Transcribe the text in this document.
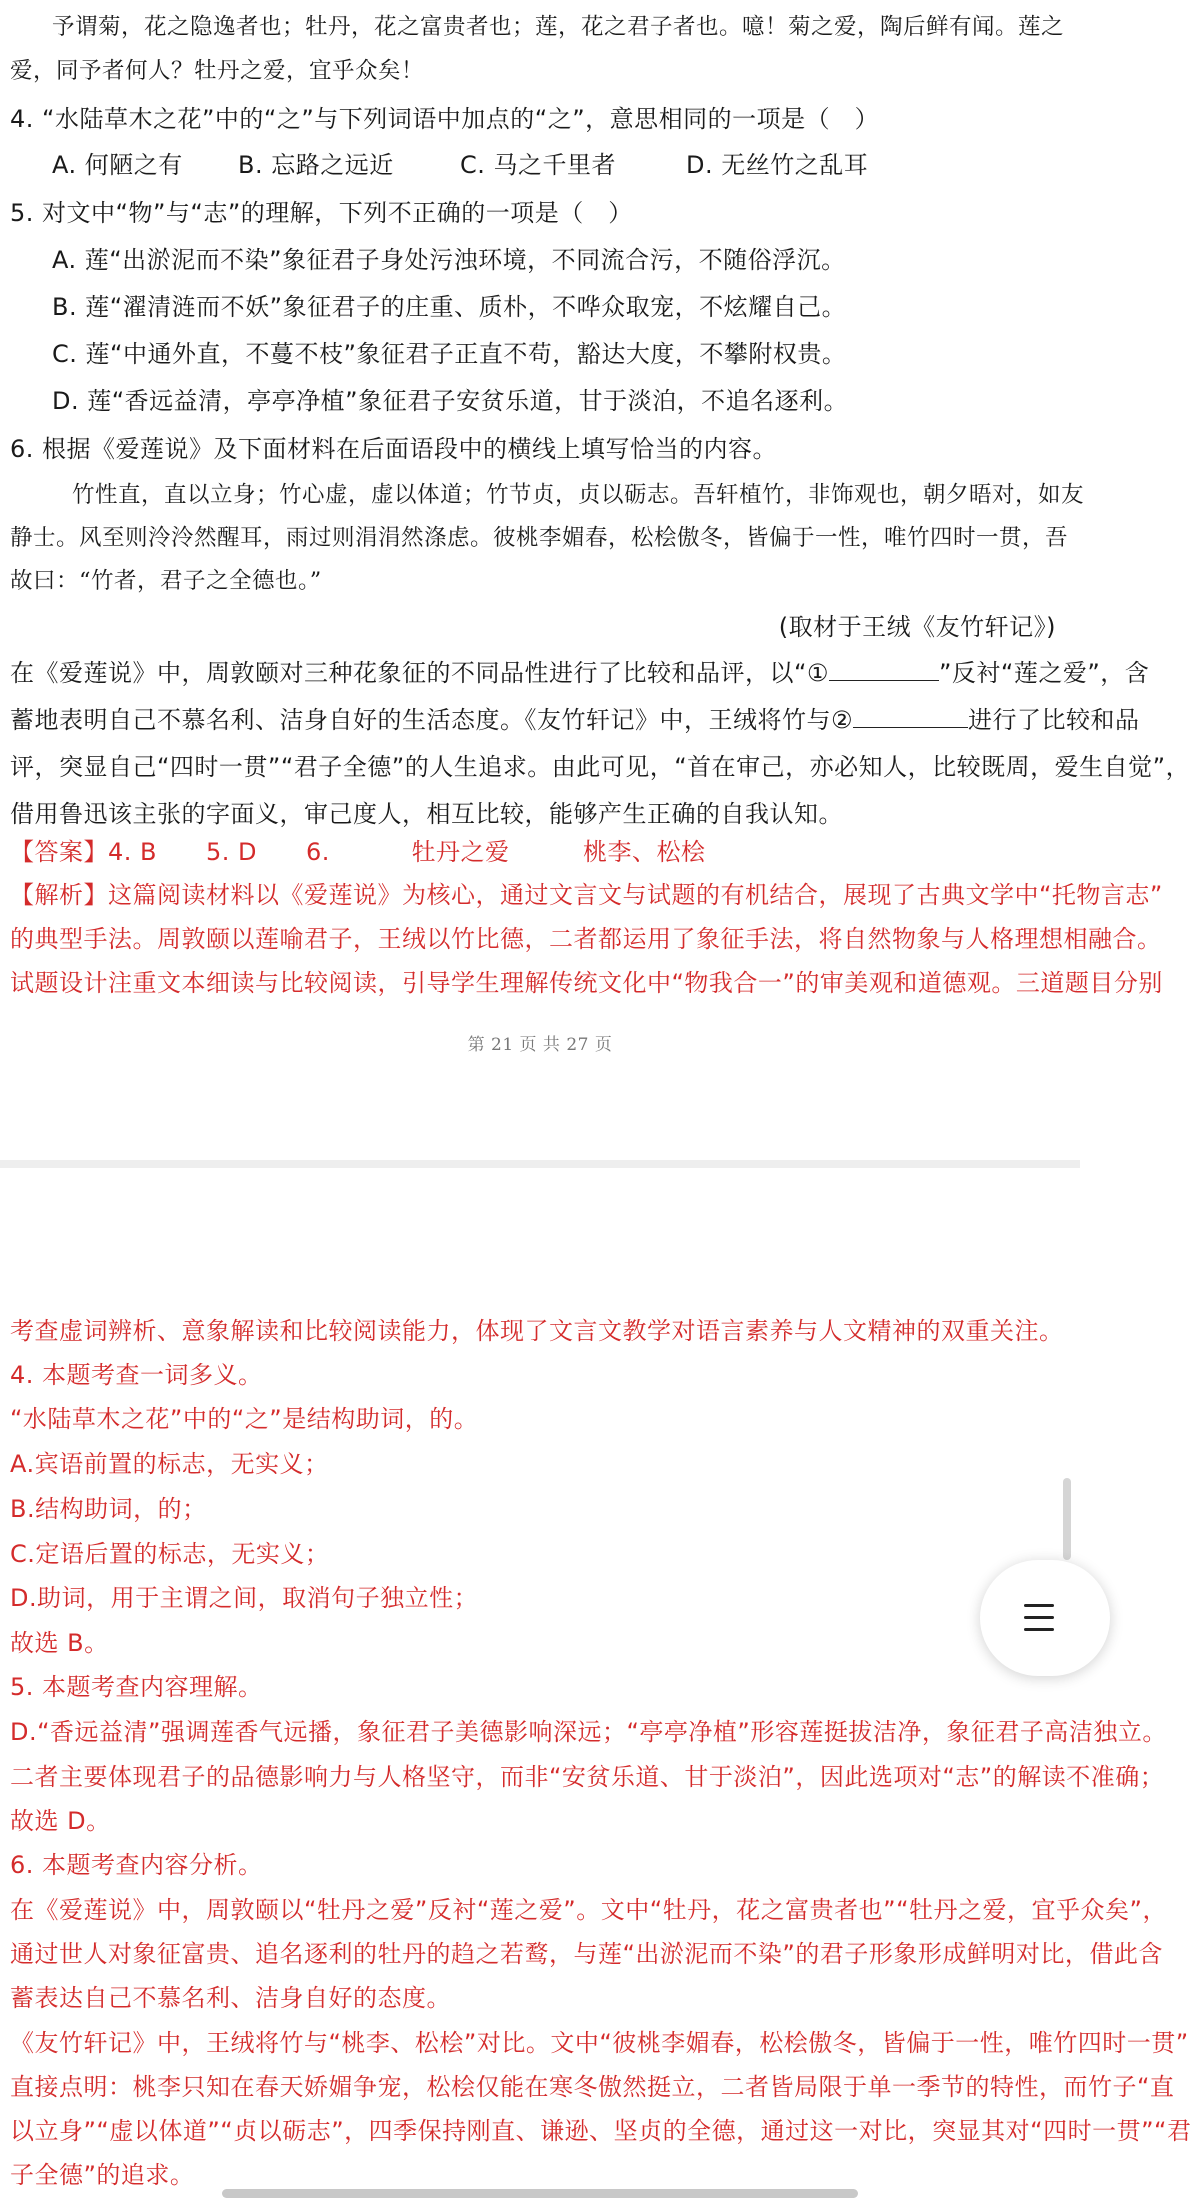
予谓菊，花之隐逸者也；牡丹，花之富贵者也；莲，花之君子者也。噫！菊之爱，陶后鲜有闻。莲之
爱，同予者何人？牡丹之爱，宜乎众矣！
4. “水陆草木之花”中的“之”与下列词语中加点的“之”，意思相同的一项是（　）
A. 何陋之有 B. 忘路之远近	C. 马之千里者	D. 无丝竹之乱耳
5. 对文中“物”与“志”的理解，下列不正确的一项是（　）
A. 莲“出淤泥而不染”象征君子身处污浊环境，不同流合污，不随俗浮沉。
B. 莲“濯清涟而不妖”象征君子的庄重、质朴，不哗众取宠，不炫耀自己。
C. 莲“中通外直，不蔓不枝”象征君子正直不苟，豁达大度，不攀附权贵。
D. 莲“香远益清，亭亭净植”象征君子安贫乐道，甘于淡泊，不追名逐利。
6. 根据《爱莲说》及下面材料在后面语段中的横线上填写恰当的内容。
竹性直，直以立身；竹心虚，虚以体道；竹节贞，贞以砺志。吾轩植竹，非饰观也，朝夕晤对，如友
静士。风至则泠泠然醒耳，雨过则涓涓然涤虑。彼桃李媚春，松桧傲冬，皆偏于一性，唯竹四时一贯，吾
故曰：“竹者，君子之全德也。”
(取材于王绒《友竹轩记》)
在《爱莲说》中，周敦颐对三种花象征的不同品性进行了比较和品评，以“①	”反衬“莲之爱”，含
蓄地表明自己不慕名利、洁身自好的生活态度。《友竹轩记》中，王绒将竹与②	进行了比较和品
评，突显自己“四时一贯”“君子全德”的人生追求。由此可见，“首在审己，亦必知人，比较既周，爱生自觉”，
借用鲁迅该主张的字面义，审己度人，相互比较，能够产生正确的自我认知。
【答案】4. B　　5. D　　6.　　　 牡丹之爱　　　桃李、松桧
【解析】这篇阅读材料以《爱莲说》为核心，通过文言文与试题的有机结合，展现了古典文学中“托物言志”
的典型手法。周敦颐以莲喻君子，王绒以竹比德，二者都运用了象征手法，将自然物象与人格理想相融合。
试题设计注重文本细读与比较阅读，引导学生理解传统文化中“物我合一”的审美观和道德观。三道题目分别
第 21 页 共 27 页
考查虚词辨析、意象解读和比较阅读能力，体现了文言文教学对语言素养与人文精神的双重关注。
4. 本题考查一词多义。
“水陆草木之花”中的“之”是结构助词，的。
A.宾语前置的标志，无实义；
B.结构助词，的；
C.定语后置的标志，无实义；
D.助词，用于主谓之间，取消句子独立性；
故选 B。
5. 本题考查内容理解。
D.“香远益清”强调莲香气远播，象征君子美德影响深远；“亭亭净植”形容莲挺拔洁净，象征君子高洁独立。
二者主要体现君子的品德影响力与人格坚守，而非“安贫乐道、甘于淡泊”，因此选项对“志”的解读不准确；
故选 D。
6. 本题考查内容分析。
在《爱莲说》中，周敦颐以“牡丹之爱”反衬“莲之爱”。文中“牡丹，花之富贵者也”“牡丹之爱，宜乎众矣”，
通过世人对象征富贵、追名逐利的牡丹的趋之若鹜，与莲“出淤泥而不染”的君子形象形成鲜明对比，借此含
蓄表达自己不慕名利、洁身自好的态度。
《友竹轩记》中，王绒将竹与“桃李、松桧”对比。文中“彼桃李媚春，松桧傲冬，皆偏于一性，唯竹四时一贯”
直接点明：桃李只知在春天娇媚争宠，松桧仅能在寒冬傲然挺立，二者皆局限于单一季节的特性，而竹子“直
以立身”“虚以体道”“贞以砺志”，四季保持刚直、谦逊、坚贞的全德，通过这一对比，突显其对“四时一贯”“君
子全德”的追求。
